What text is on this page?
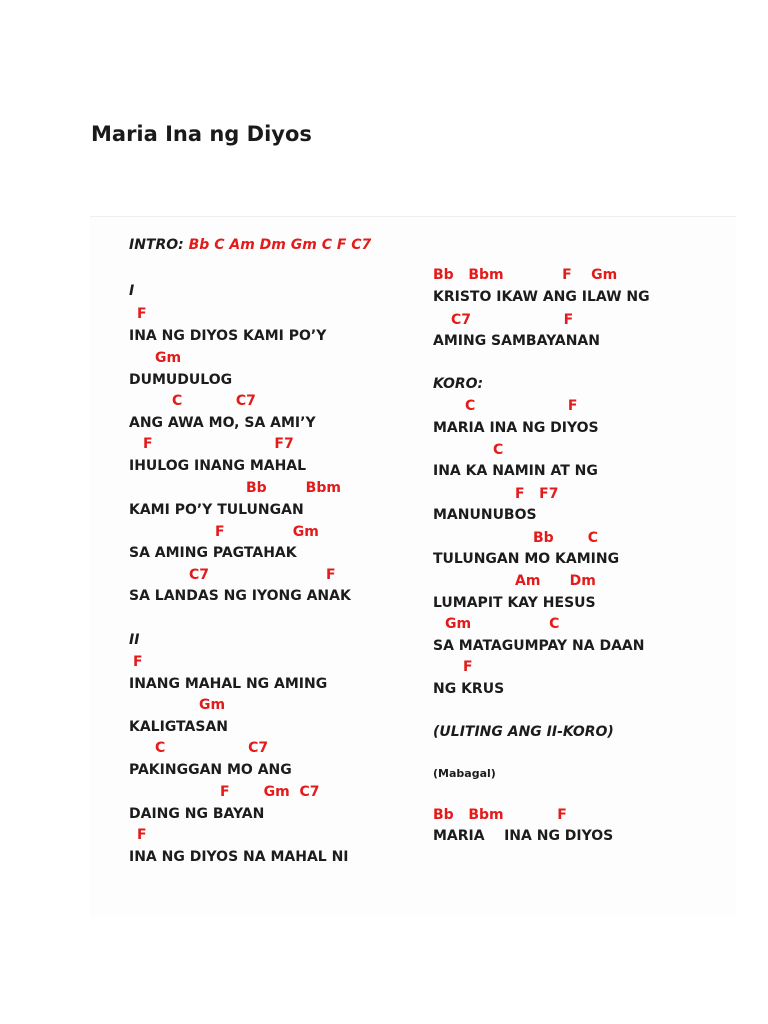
Maria Ina ng Diyos
INTRO: Bb C Am Dm Gm C F C7
I
F
INA NG DIYOS KAMI PO’Y
Gm
DUMUDULOG
C           C7
ANG AWA MO, SA AMI’Y
F                         F7
IHULOG INANG MAHAL
Bb        Bbm
KAMI PO’Y TULUNGAN
F              Gm
SA AMING PAGTAHAK
C7                        F
SA LANDAS NG IYONG ANAK
II
F
INANG MAHAL NG AMING
Gm
KALIGTASAN
C                 C7
PAKINGGAN MO ANG
F       Gm  C7
DAING NG BAYAN
F
INA NG DIYOS NA MAHAL NI
Bb   Bbm            F    Gm
KRISTO IKAW ANG ILAW NG
C7                   F
AMING SAMBAYANAN
KORO:
C                   F
MARIA INA NG DIYOS
C
INA KA NAMIN AT NG
F   F7
MANUNUBOS
Bb       C
TULUNGAN MO KAMING
Am      Dm
LUMAPIT KAY HESUS
Gm                C
SA MATAGUMPAY NA DAAN
F
NG KRUS
(ULITING ANG II-KORO)
(Mabagal)
Bb   Bbm           F
MARIA    INA NG DIYOS
